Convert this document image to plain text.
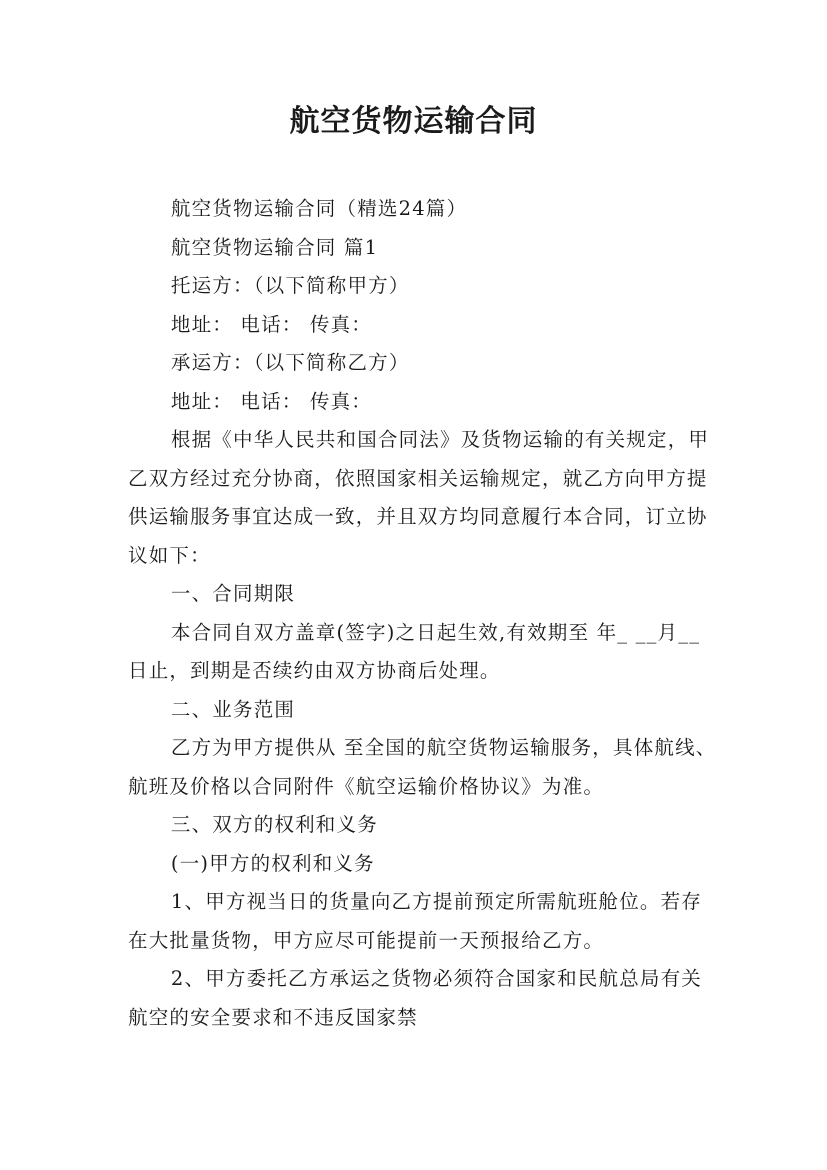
航空货物运输合同

航空货物运输合同（精选24篇）

航空货物运输合同 篇1

托运方：（以下简称甲方）

地址： 电话： 传真：

承运方：（以下简称乙方）

地址： 电话： 传真：

根据《中华人民共和国合同法》及货物运输的有关规定，甲乙双方经过充分协商，依照国家相关运输规定，就乙方向甲方提供运输服务事宜达成一致，并且双方均同意履行本合同，订立协议如下：

一、合同期限

本合同自双方盖章(签字)之日起生效,有效期至 年_ __月__ 日止，到期是否续约由双方协商后处理。

二、业务范围

乙方为甲方提供从 至全国的航空货物运输服务，具体航线、航班及价格以合同附件《航空运输价格协议》为准。

三、双方的权利和义务

(一)甲方的权利和义务

1、甲方视当日的货量向乙方提前预定所需航班舱位。若存在大批量货物，甲方应尽可能提前一天预报给乙方。

2、甲方委托乙方承运之货物必须符合国家和民航总局有关航空的安全要求和不违反国家禁
